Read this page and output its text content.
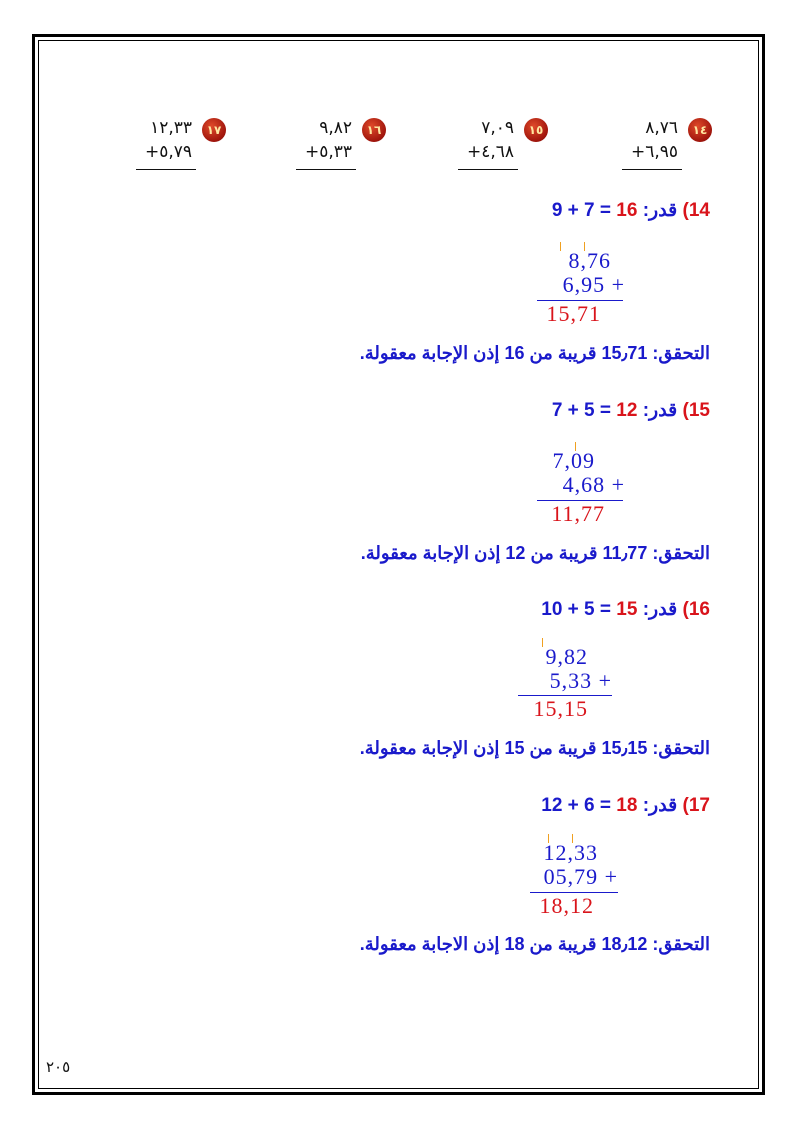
١٤
٨,٧٦
+٦,٩٥
١٥
٧,٠٩
+٤,٦٨
١٦
٩,٨٢
+٥,٣٣
١٧
١٢,٣٣
+٥,٧٩
14) قدر: 9 + 7 = 16
8,76
6,95 +
15,71
التحقق: 15٫71 قريبة من 16 إذن الإجابة معقولة.
15) قدر: 7 + 5 = 12
7,09
4,68 +
11,77
التحقق: 11٫77 قريبة من 12 إذن الإجابة معقولة.
16) قدر: 10 + 5 = 15
9,82
5,33 +
15,15
التحقق: 15٫15 قريبة من 15 إذن الإجابة معقولة.
17) قدر: 12 + 6 = 18
12,33
05,79 +
18,12
التحقق: 18٫12 قريبة من 18 إذن الاجابة معقولة.
٢٠٥
